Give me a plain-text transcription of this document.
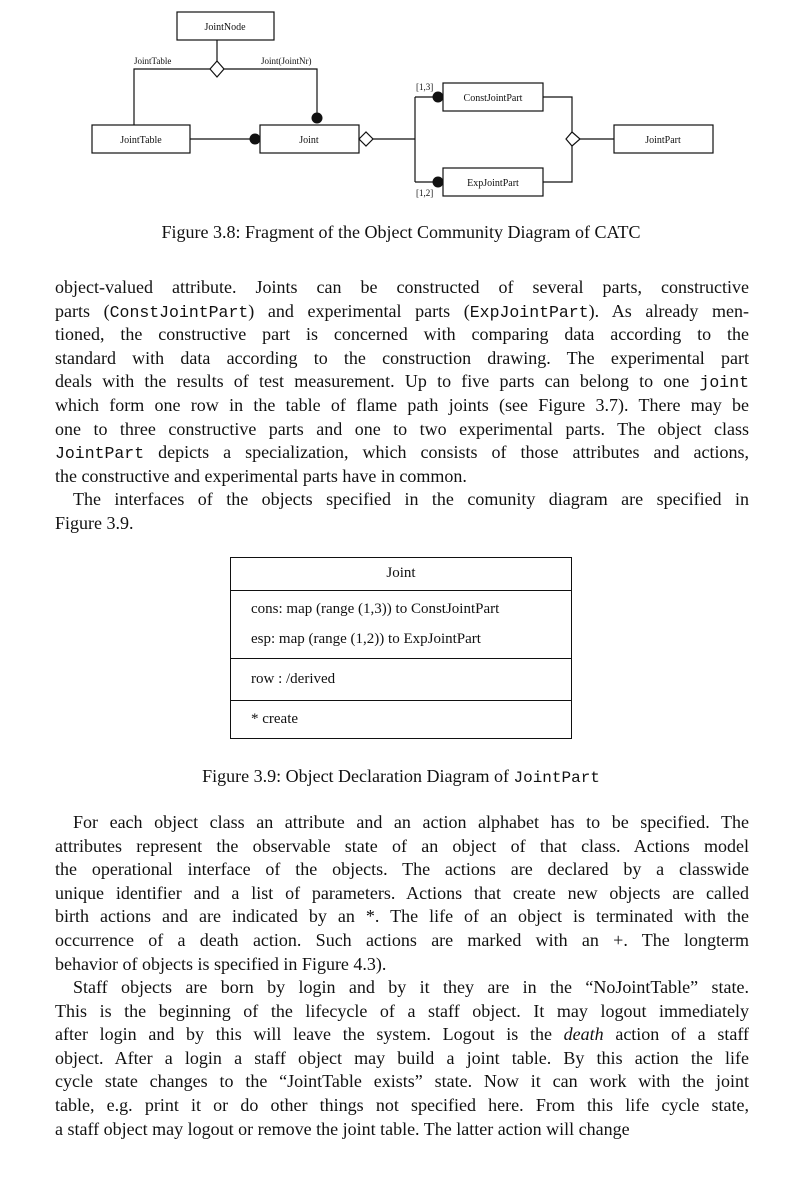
JointNode
JointTable	Joint
ConstJointPart
ExpJointPart
JointPart
JointTable	Joint(JointNr)
[1,3]
[1,2]
Figure 3.8: Fragment of the Object Community Diagram of CATC
object-valued attribute. Joints can be constructed of several parts, constructive
parts (ConstJointPart) and experimental parts (ExpJointPart). As already men-
tioned, the constructive part is concerned with comparing data according to the
standard with data according to the construction drawing. The experimental part
deals with the results of test measurement. Up to five parts can belong to one joint
which form one row in the table of flame path joints (see Figure 3.7). There may be
one to three constructive parts and one to two experimental parts. The object class
JointPart depicts a specialization, which consists of those attributes and actions,
the constructive and experimental parts have in common.
 The interfaces of the objects specified in the comunity diagram are specified in
Figure 3.9.
Joint
cons: map (range (1,3)) to ConstJointPart
esp: map (range (1,2)) to ExpJointPart
row : /derived
* create
Figure 3.9: Object Declaration Diagram of JointPart
 For each object class an attribute and an action alphabet has to be specified. The
attributes represent the observable state of an object of that class. Actions model
the operational interface of the objects. The actions are declared by a classwide
unique identifier and a list of parameters. Actions that create new objects are called
birth actions and are indicated by an *. The life of an object is terminated with the
occurrence of a death action. Such actions are marked with an +. The longterm
behavior of objects is specified in Figure 4.3).
 Staff objects are born by login and by it they are in the “NoJointTable” state.
This is the beginning of the lifecycle of a staff object. It may logout immediately
after login and by this will leave the system. Logout is the death action of a staff
object. After a login a staff object may build a joint table. By this action the life
cycle state changes to the “JointTable exists” state. Now it can work with the joint
table, e.g. print it or do other things not specified here. From this life cycle state,
a staff object may logout or remove the joint table. The latter action will change
